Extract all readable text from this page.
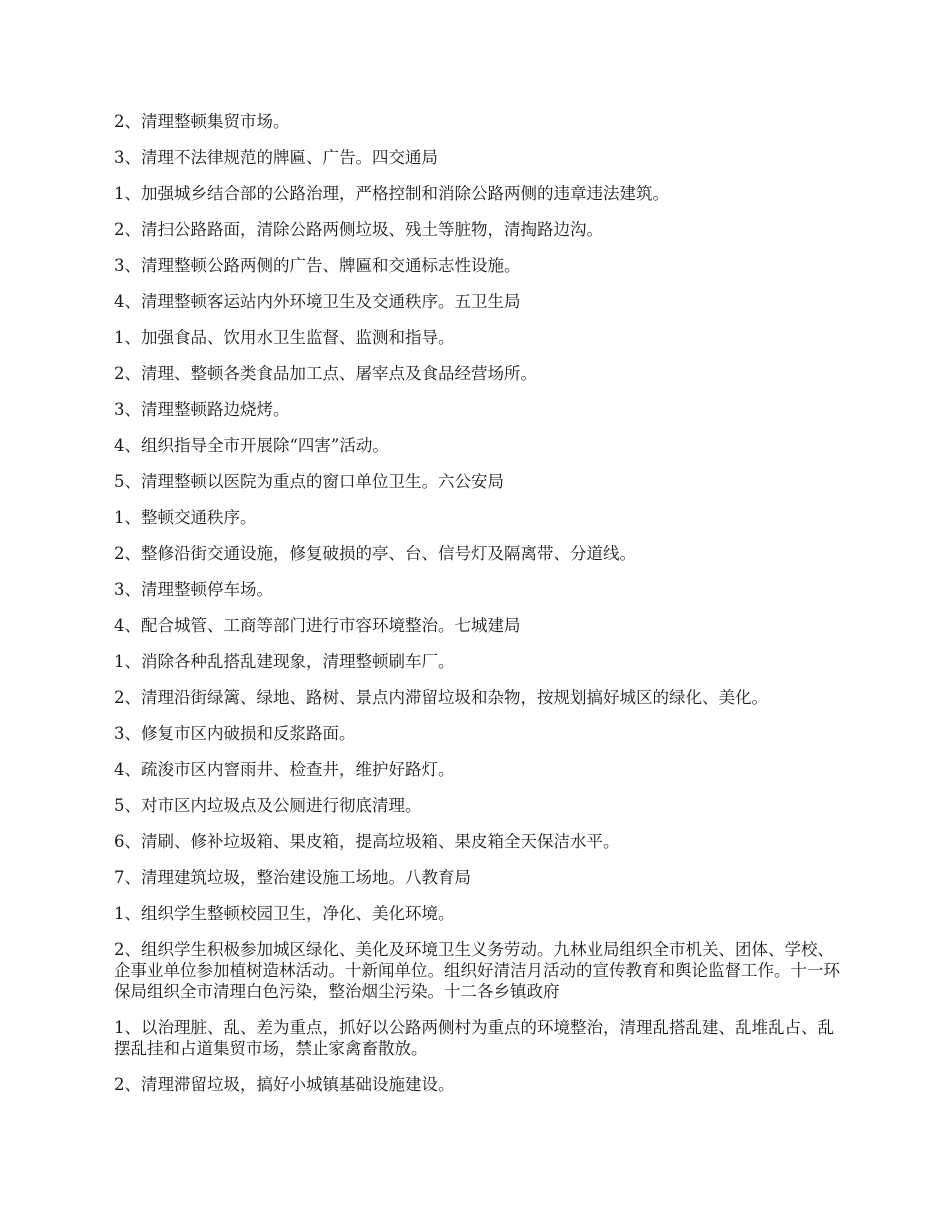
2、清理整顿集贸市场。

3、清理不法律规范的牌匾、广告。四交通局

1、加强城乡结合部的公路治理，严格控制和消除公路两侧的违章违法建筑。

2、清扫公路路面，清除公路两侧垃圾、残土等脏物，清掏路边沟。

3、清理整顿公路两侧的广告、牌匾和交通标志性设施。

4、清理整顿客运站内外环境卫生及交通秩序。五卫生局

1、加强食品、饮用水卫生监督、监测和指导。

2、清理、整顿各类食品加工点、屠宰点及食品经营场所。

3、清理整顿路边烧烤。

4、组织指导全市开展除“四害”活动。

5、清理整顿以医院为重点的窗口单位卫生。六公安局

1、整顿交通秩序。

2、整修沿街交通设施，修复破损的亭、台、信号灯及隔离带、分道线。

3、清理整顿停车场。

4、配合城管、工商等部门进行市容环境整治。七城建局

1、消除各种乱搭乱建现象，清理整顿刷车厂。

2、清理沿街绿篱、绿地、路树、景点内滞留垃圾和杂物，按规划搞好城区的绿化、美化。

3、修复市区内破损和反浆路面。

4、疏浚市区内窨雨井、检查井，维护好路灯。

5、对市区内垃圾点及公厕进行彻底清理。

6、清刷、修补垃圾箱、果皮箱，提高垃圾箱、果皮箱全天保洁水平。

7、清理建筑垃圾，整治建设施工场地。八教育局

1、组织学生整顿校园卫生，净化、美化环境。

2、组织学生积极参加城区绿化、美化及环境卫生义务劳动。九林业局组织全市机关、团体、学校、企事业单位参加植树造林活动。十新闻单位。组织好清洁月活动的宣传教育和舆论监督工作。十一环保局组织全市清理白色污染，整治烟尘污染。十二各乡镇政府

1、以治理脏、乱、差为重点，抓好以公路两侧村为重点的环境整治，清理乱搭乱建、乱堆乱占、乱摆乱挂和占道集贸市场，禁止家禽畜散放。

2、清理滞留垃圾，搞好小城镇基础设施建设。
